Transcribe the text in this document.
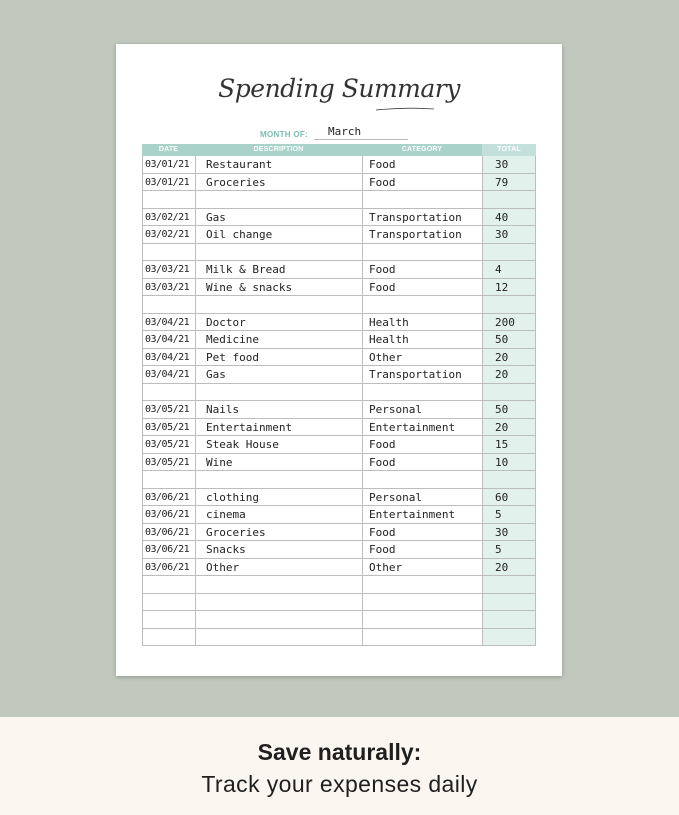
Spending Summary
MONTH OF:	March
DATE	DESCRIPTION	CATEGORY	TOTAL
03/01/21	Restaurant	Food	30
03/01/21	Groceries	Food	79
03/02/21	Gas	Transportation	40
03/02/21	Oil change	Transportation	30
03/03/21	Milk & Bread	Food	4
03/03/21	Wine & snacks	Food	12
03/04/21	Doctor	Health	200
03/04/21	Medicine	Health	50
03/04/21	Pet food	Other	20
03/04/21	Gas	Transportation	20
03/05/21	Nails	Personal	50
03/05/21	Entertainment	Entertainment	20
03/05/21	Steak House	Food	15
03/05/21	Wine	Food	10
03/06/21	clothing	Personal	60
03/06/21	cinema	Entertainment	5
03/06/21	Groceries	Food	30
03/06/21	Snacks	Food	5
03/06/21	Other	Other	20
Save naturally:
Track your expenses daily
